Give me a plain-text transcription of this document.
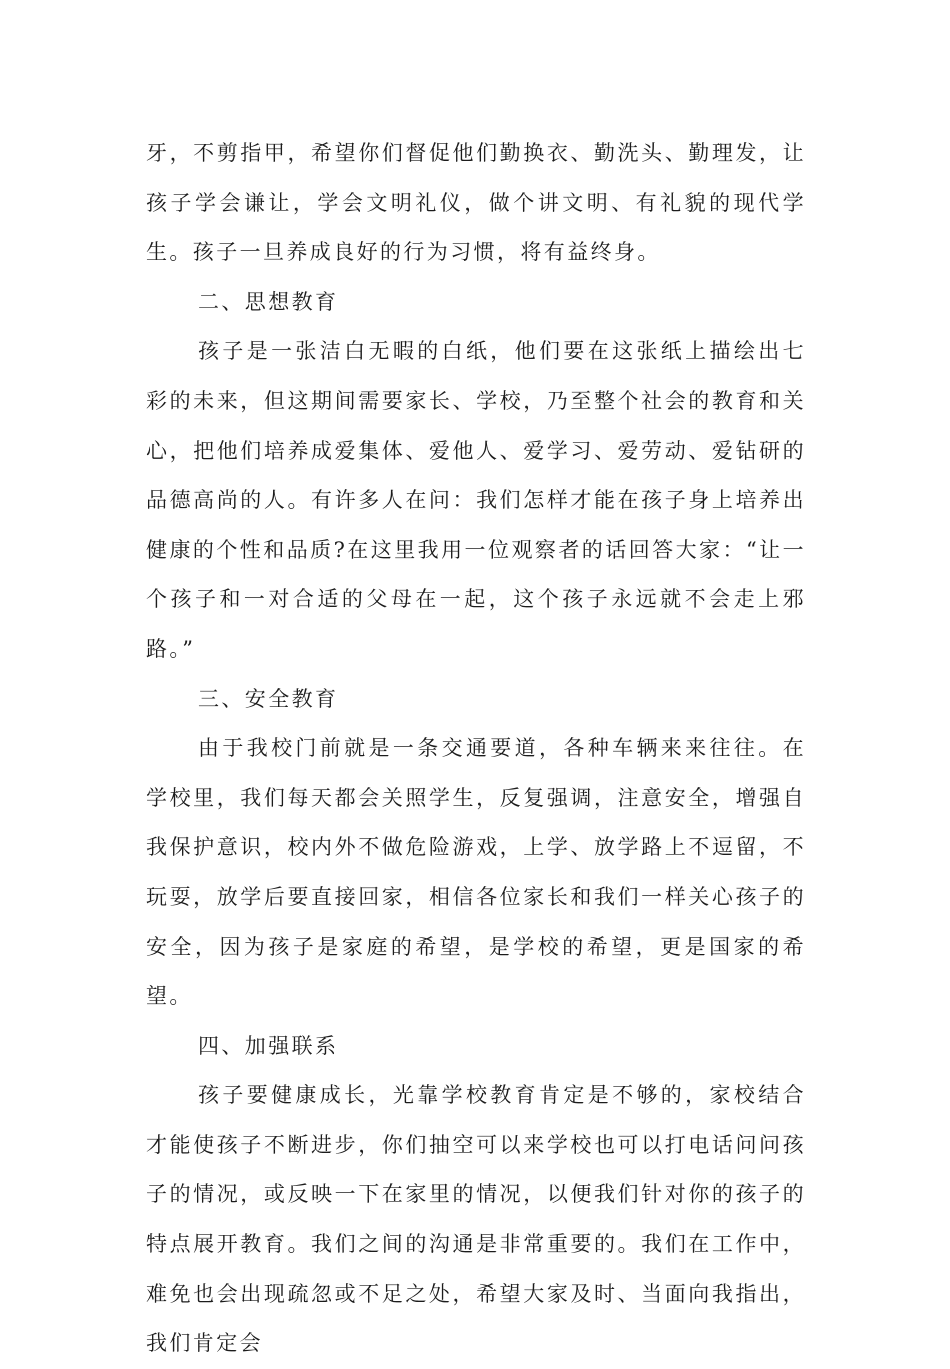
牙，不剪指甲，希望你们督促他们勤换衣、勤洗头、勤理发，让孩子学会谦让，学会文明礼仪，做个讲文明、有礼貌的现代学生。孩子一旦养成良好的行为习惯，将有益终身。

二、思想教育

孩子是一张洁白无暇的白纸，他们要在这张纸上描绘出七彩的未来，但这期间需要家长、学校，乃至整个社会的教育和关心，把他们培养成爱集体、爱他人、爱学习、爱劳动、爱钻研的品德高尚的人。有许多人在问：我们怎样才能在孩子身上培养出健康的个性和品质?在这里我用一位观察者的话回答大家：“让一个孩子和一对合适的父母在一起，这个孩子永远就不会走上邪路。”

三、安全教育

由于我校门前就是一条交通要道，各种车辆来来往往。在学校里，我们每天都会关照学生，反复强调，注意安全，增强自我保护意识，校内外不做危险游戏，上学、放学路上不逗留，不玩耍，放学后要直接回家，相信各位家长和我们一样关心孩子的安全，因为孩子是家庭的希望，是学校的希望，更是国家的希望。

四、加强联系

孩子要健康成长，光靠学校教育肯定是不够的，家校结合才能使孩子不断进步，你们抽空可以来学校也可以打电话问问孩子的情况，或反映一下在家里的情况，以便我们针对你的孩子的特点展开教育。我们之间的沟通是非常重要的。我们在工作中，难免也会出现疏忽或不足之处，希望大家及时、当面向我指出，我们肯定会
